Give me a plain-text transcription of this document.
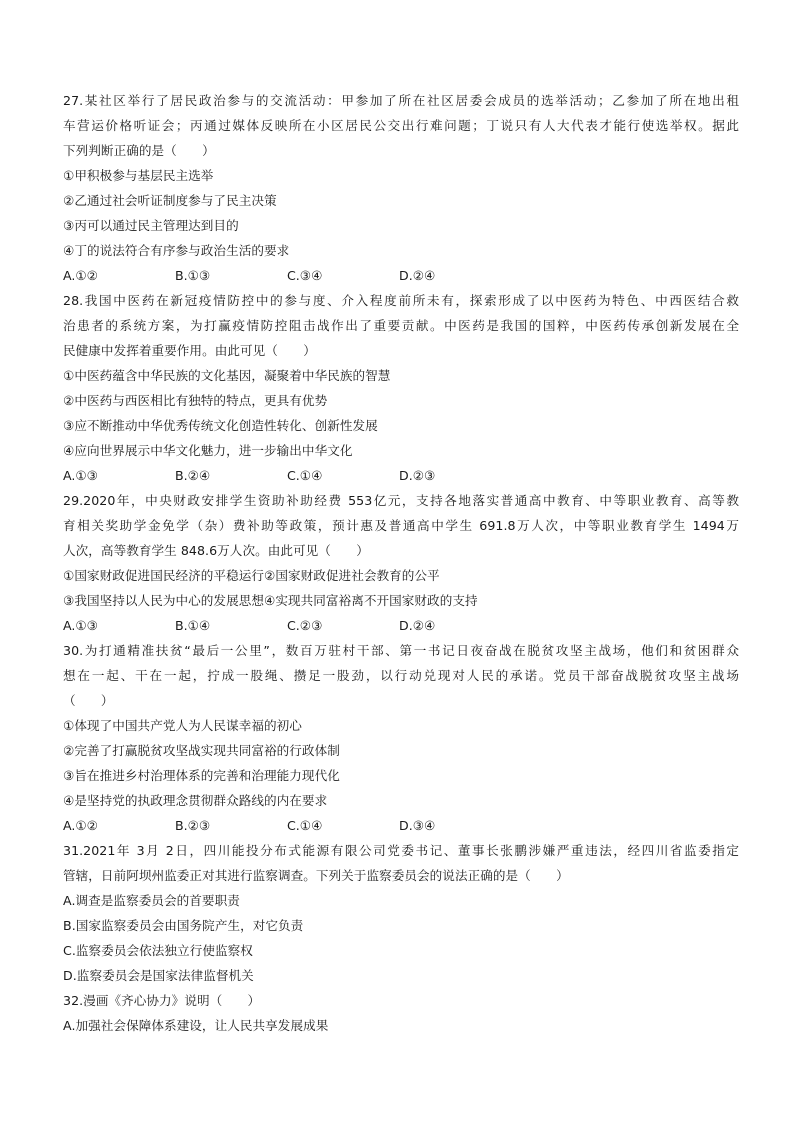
27.某社区举行了居民政治参与的交流活动：甲参加了所在社区居委会成员的选举活动；乙参加了所在地出租
车营运价格听证会；丙通过媒体反映所在小区居民公交出行难问题；丁说只有人大代表才能行使选举权。据此
下列判断正确的是（　　）
①甲积极参与基层民主选举
②乙通过社会听证制度参与了民主决策
③丙可以通过民主管理达到目的
④丁的说法符合有序参与政治生活的要求
A.①②	B.①③	C.③④	D.②④
28.我国中医药在新冠疫情防控中的参与度、介入程度前所未有，探索形成了以中医药为特色、中西医结合救
治患者的系统方案，为打赢疫情防控阻击战作出了重要贡献。中医药是我国的国粹，中医药传承创新发展在全
民健康中发挥着重要作用。由此可见（　　）
①中医药蕴含中华民族的文化基因，凝聚着中华民族的智慧
②中医药与西医相比有独特的特点，更具有优势
③应不断推动中华优秀传统文化创造性转化、创新性发展
④应向世界展示中华文化魅力，进一步输出中华文化
A.①③	B.②④	C.①④	D.②③
29.2020年，中央财政安排学生资助补助经费 553亿元，支持各地落实普通高中教育、中等职业教育、高等教
育相关奖助学金免学（杂）费补助等政策，预计惠及普通高中学生 691.8万人次，中等职业教育学生 1494万
人次，高等教育学生 848.6万人次。由此可见（　　）
①国家财政促进国民经济的平稳运行②国家财政促进社会教育的公平
③我国坚持以人民为中心的发展思想④实现共同富裕离不开国家财政的支持
A.①③	B.①④	C.②③	D.②④
30.为打通精准扶贫“最后一公里”，数百万驻村干部、第一书记日夜奋战在脱贫攻坚主战场，他们和贫困群众
想在一起、干在一起，拧成一股绳、攒足一股劲，以行动兑现对人民的承诺。党员干部奋战脱贫攻坚主战场
（　　）
①体现了中国共产党人为人民谋幸福的初心
②完善了打赢脱贫攻坚战实现共同富裕的行政体制
③旨在推进乡村治理体系的完善和治理能力现代化
④是坚持党的执政理念贯彻群众路线的内在要求
A.①②	B.②③	C.①④	D.③④
31.2021年 3月 2日，四川能投分布式能源有限公司党委书记、董事长张鹏涉嫌严重违法，经四川省监委指定
管辖，日前阿坝州监委正对其进行监察调查。下列关于监察委员会的说法正确的是（　　）
A.调查是监察委员会的首要职责
B.国家监察委员会由国务院产生，对它负责
C.监察委员会依法独立行使监察权
D.监察委员会是国家法律监督机关
32.漫画《齐心协力》说明（　　）
A.加强社会保障体系建设，让人民共享发展成果
